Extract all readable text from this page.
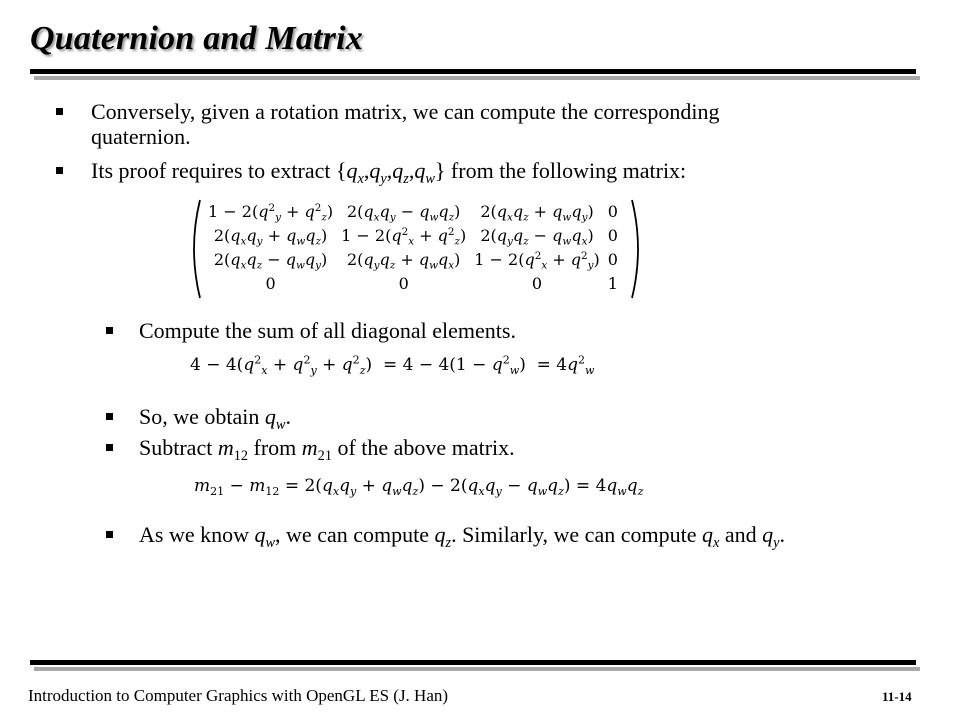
Quaternion and Matrix
Conversely, given a rotation matrix, we can compute the corresponding
quaternion.
Its proof requires to extract $\{q_x,q_y,q_z,q_w\}$ from the following matrix:
$1 - 2(q^2_y + q^2_z)$	$2(q_xq_y - q_wq_z)$	$2(q_xq_z + q_wq_y)$	0
$2(q_xq_y + q_wq_z)$	$1 - 2(q^2_x + q^2_z)$	$2(q_yq_z - q_wq_x)$	0
$2(q_xq_z - q_wq_y)$	$2(q_yq_z + q_wq_x)$	$1 - 2(q^2_x + q^2_y)$	0
0	0	0	1
Compute the sum of all diagonal elements.
$4 - 4(q^2_x + q^2_y + q^2_z) = 4 - 4(1 - q^2_w) = 4q^2_w$
So, we obtain $q_w$.
Subtract $m_{12}$ from $m_{21}$ of the above matrix.
$m_{21} - m_{12} = 2(q_xq_y + q_wq_z) - 2(q_xq_y - q_wq_z) = 4q_wq_z$
As we know $q_w$, we can compute $q_z$. Similarly, we can compute $q_x$ and $q_y$.
Introduction to Computer Graphics with OpenGL ES (J. Han)	11-14
